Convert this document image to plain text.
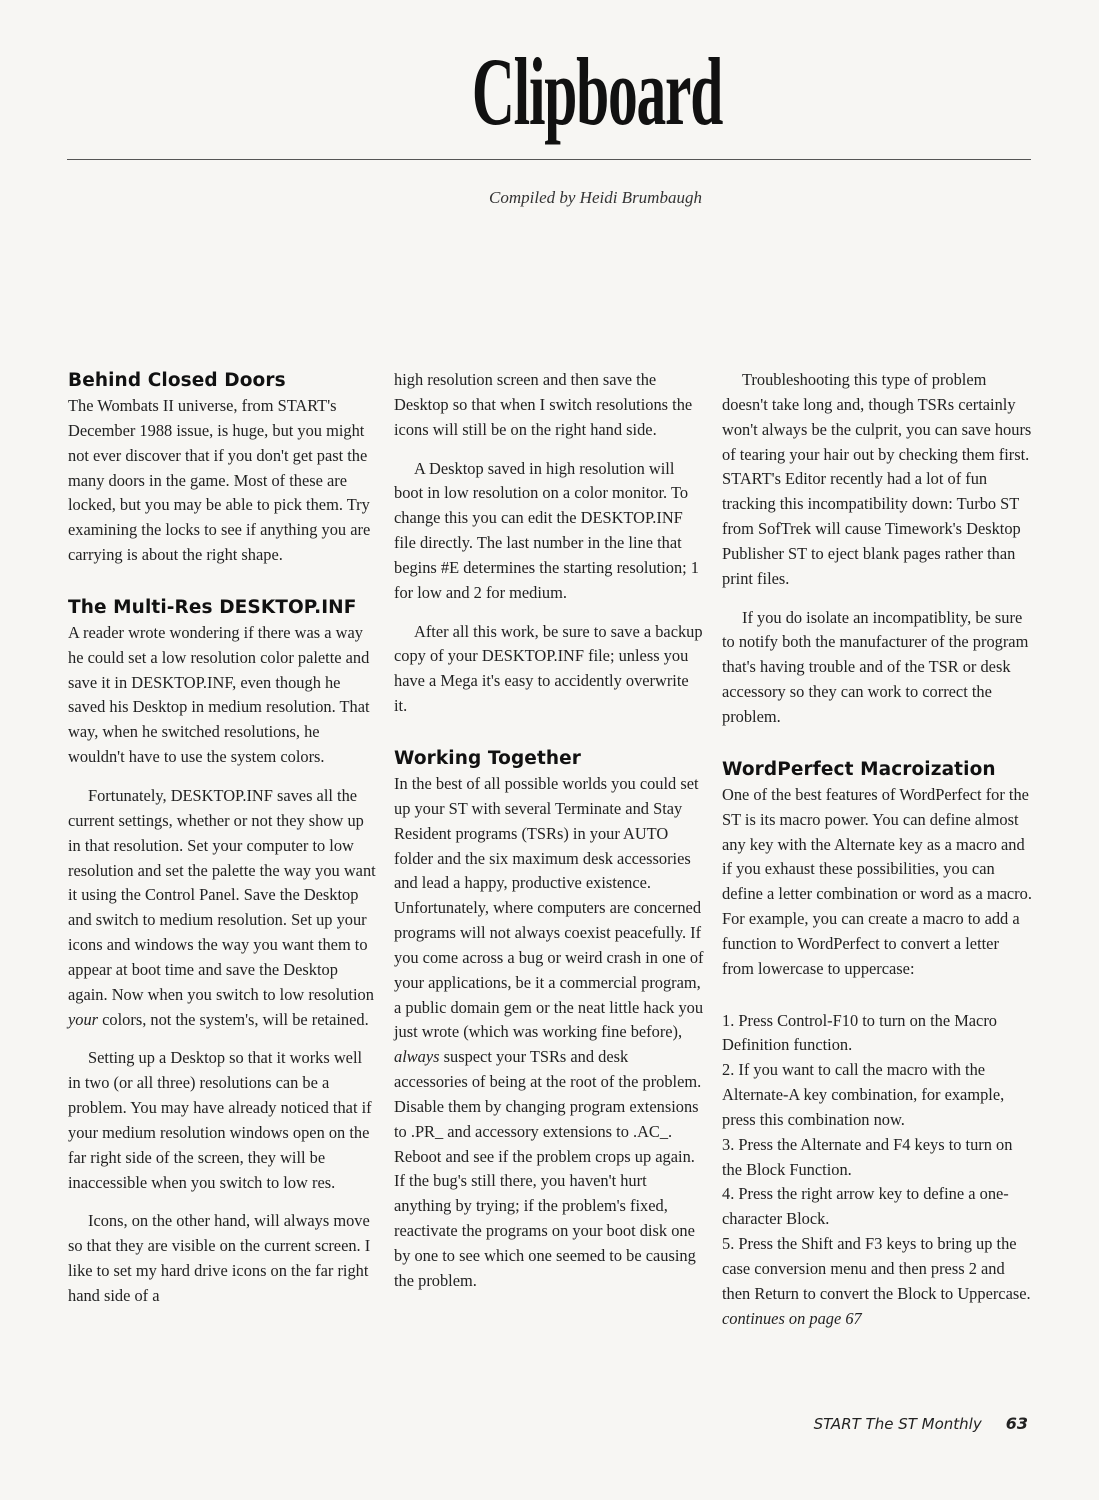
Clipboard
Compiled by Heidi Brumbaugh
Behind Closed Doors

The Wombats II universe, from START's December 1988 issue, is huge, but you might not ever discover that if you don't get past the many doors in the game. Most of these are locked, but you may be able to pick them. Try examining the locks to see if anything you are carrying is about the right shape.

The Multi-Res DESKTOP.INF

A reader wrote wondering if there was a way he could set a low resolution color palette and save it in DESKTOP.INF, even though he saved his Desktop in medium resolution. That way, when he switched resolutions, he wouldn't have to use the system colors.

Fortunately, DESKTOP.INF saves all the current settings, whether or not they show up in that resolution. Set your computer to low resolution and set the palette the way you want it using the Control Panel. Save the Desktop and switch to medium resolution. Set up your icons and windows the way you want them to appear at boot time and save the Desktop again. Now when you switch to low resolution your colors, not the system's, will be retained.

Setting up a Desktop so that it works well in two (or all three) resolutions can be a problem. You may have already noticed that if your medium resolution windows open on the far right side of the screen, they will be inaccessible when you switch to low res.

Icons, on the other hand, will always move so that they are visible on the current screen. I like to set my hard drive icons on the far right hand side of a

high resolution screen and then save the Desktop so that when I switch resolutions the icons will still be on the right hand side.

A Desktop saved in high resolution will boot in low resolution on a color monitor. To change this you can edit the DESKTOP.INF file directly. The last number in the line that begins #E determines the starting resolution; 1 for low and 2 for medium.

After all this work, be sure to save a backup copy of your DESKTOP.INF file; unless you have a Mega it's easy to accidently overwrite it.

Working Together

In the best of all possible worlds you could set up your ST with several Terminate and Stay Resident programs (TSRs) in your AUTO folder and the six maximum desk accessories and lead a happy, productive existence. Unfortunately, where computers are concerned programs will not always coexist peacefully. If you come across a bug or weird crash in one of your applications, be it a commercial program, a public domain gem or the neat little hack you just wrote (which was working fine before), always suspect your TSRs and desk accessories of being at the root of the problem. Disable them by changing program extensions to .PR_ and accessory extensions to .AC_. Reboot and see if the problem crops up again. If the bug's still there, you haven't hurt anything by trying; if the problem's fixed, reactivate the programs on your boot disk one by one to see which one seemed to be causing the problem.

Troubleshooting this type of problem doesn't take long and, though TSRs certainly won't always be the culprit, you can save hours of tearing your hair out by checking them first. START's Editor recently had a lot of fun tracking this incompatibility down: Turbo ST from SofTrek will cause Timework's Desktop Publisher ST to eject blank pages rather than print files.

If you do isolate an incompatiblity, be sure to notify both the manufacturer of the program that's having trouble and of the TSR or desk accessory so they can work to correct the problem.

WordPerfect Macroization

One of the best features of WordPerfect for the ST is its macro power. You can define almost any key with the Alternate key as a macro and if you exhaust these possibilities, you can define a letter combination or word as a macro. For example, you can create a macro to add a function to WordPerfect to convert a letter from lowercase to uppercase:

1. Press Control-F10 to turn on the Macro Definition function.

2. If you want to call the macro with the Alternate-A key combination, for example, press this combination now.

3. Press the Alternate and F4 keys to turn on the Block Function.

4. Press the right arrow key to define a one-character Block.

5. Press the Shift and F3 keys to bring up the case conversion menu and then press 2 and then Return to convert the Block to Uppercase.

continues on page 67

START The ST Monthly 63
